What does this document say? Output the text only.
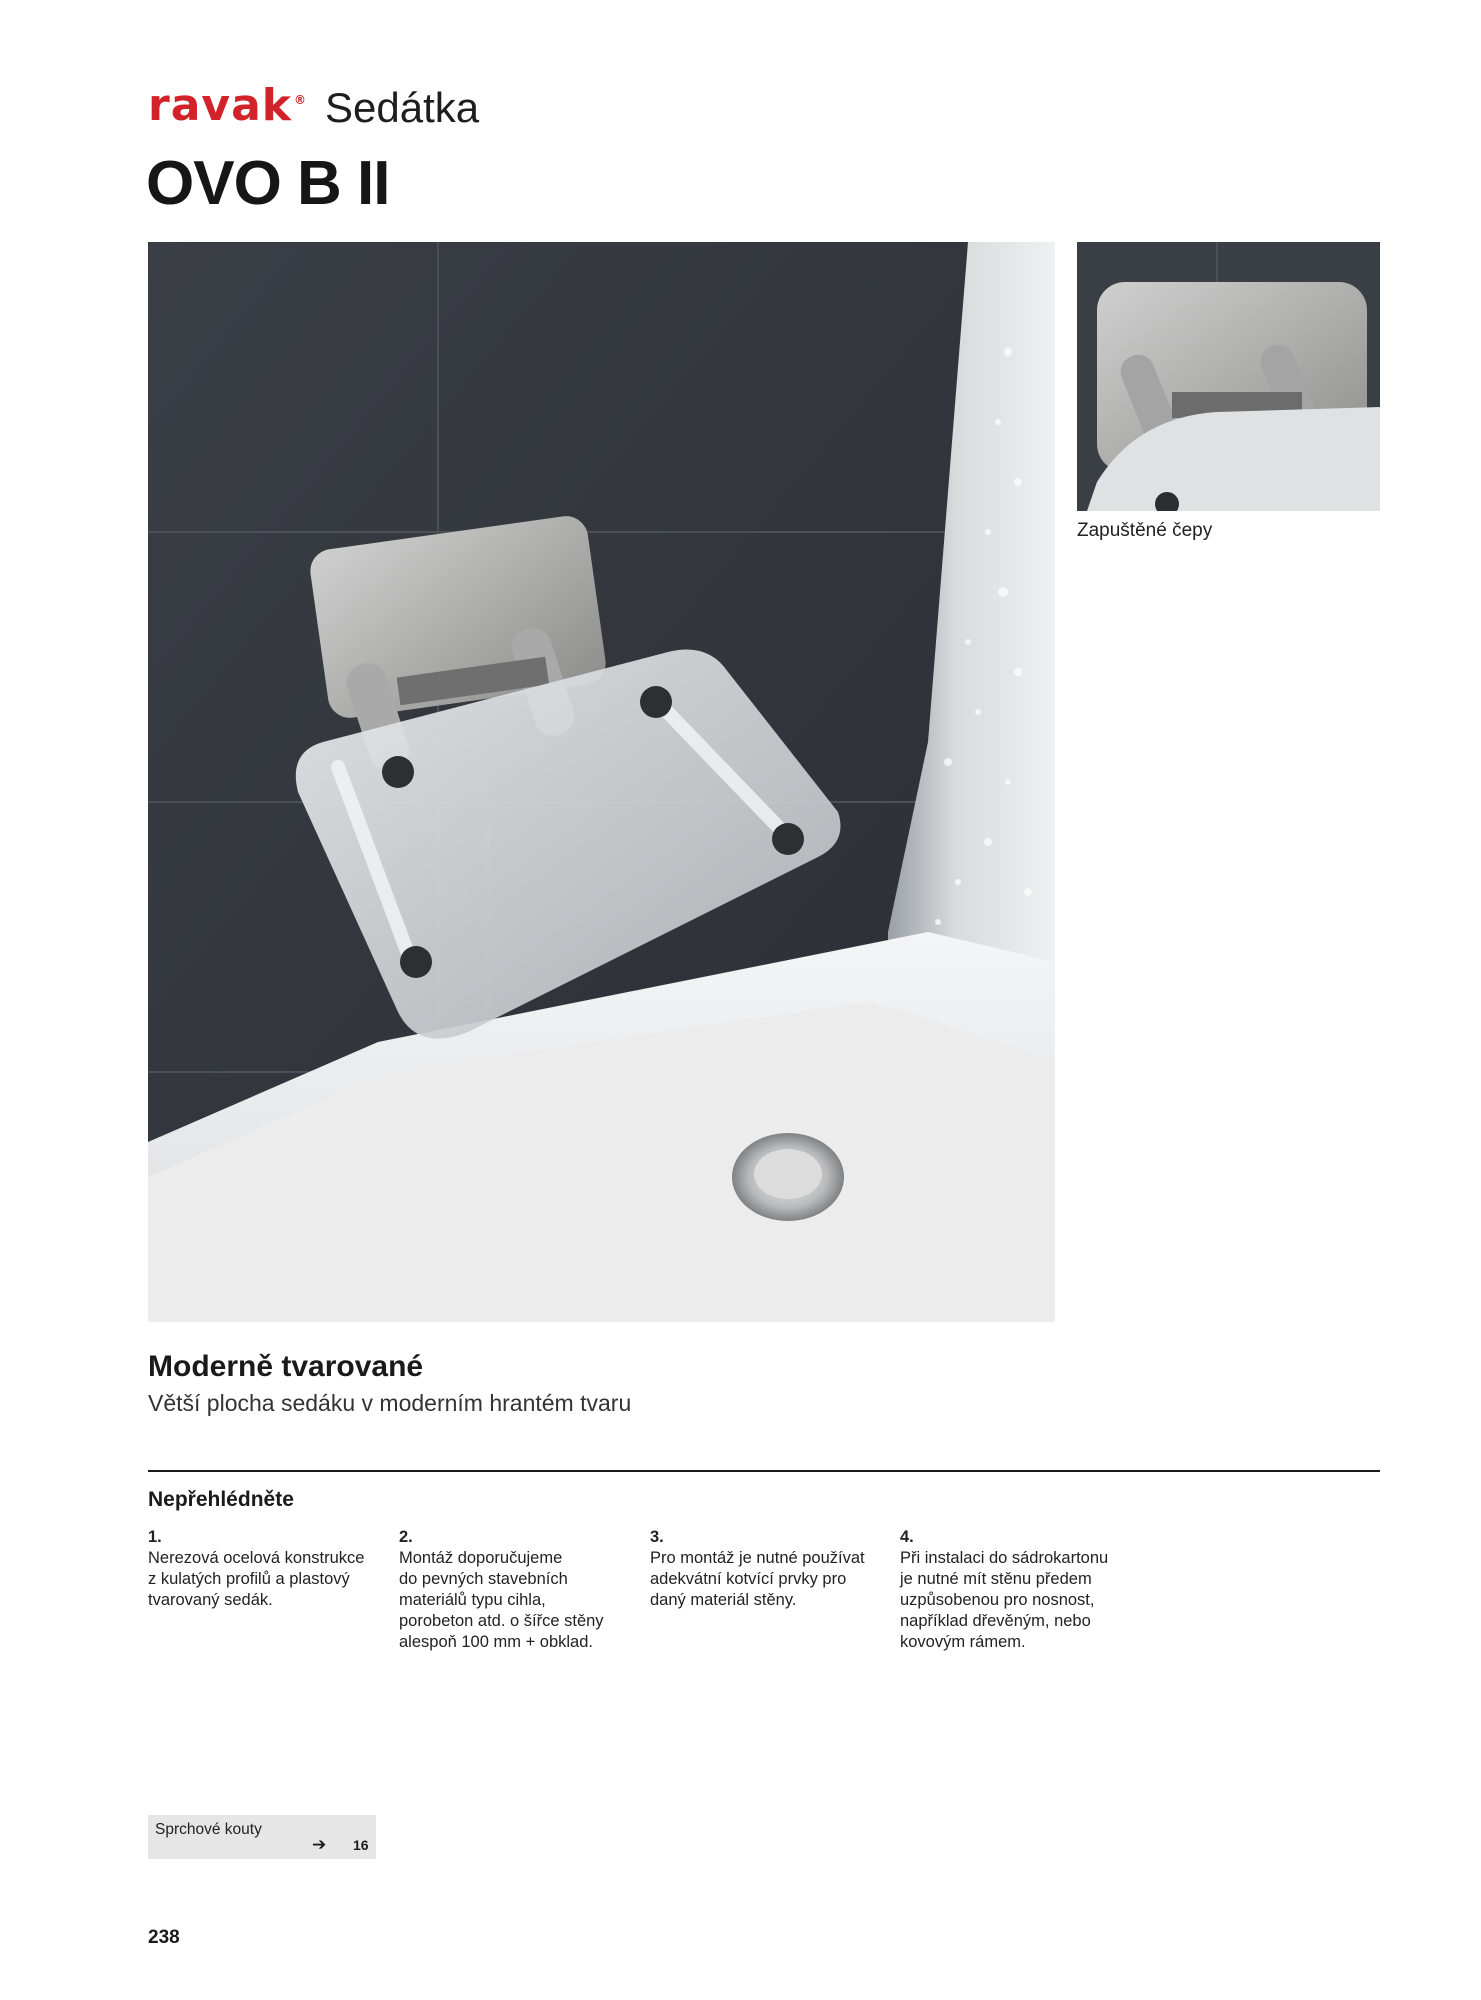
ravak ® Sedátka
OVO B II
Zapuštěné čepy
Moderně tvarované
Větší plocha sedáku v moderním hrantém tvaru
Nepřehlédněte
1.
Nerezová ocelová konstrukce
z kulatých profilů a plastový
tvarovaný sedák.
2.
Montáž doporučujeme
do pevných stavebních
materiálů typu cihla,
porobeton atd. o šířce stěny
alespoň 100 mm + obklad.
3.
Pro montáž je nutné používat
adekvátní kotvící prvky pro
daný materiál stěny.
4.
Při instalaci do sádrokartonu
je nutné mít stěnu předem
uzpůsobenou pro nosnost,
například dřevěným, nebo
kovovým rámem.
Sprchové kouty
➔ 16
238
